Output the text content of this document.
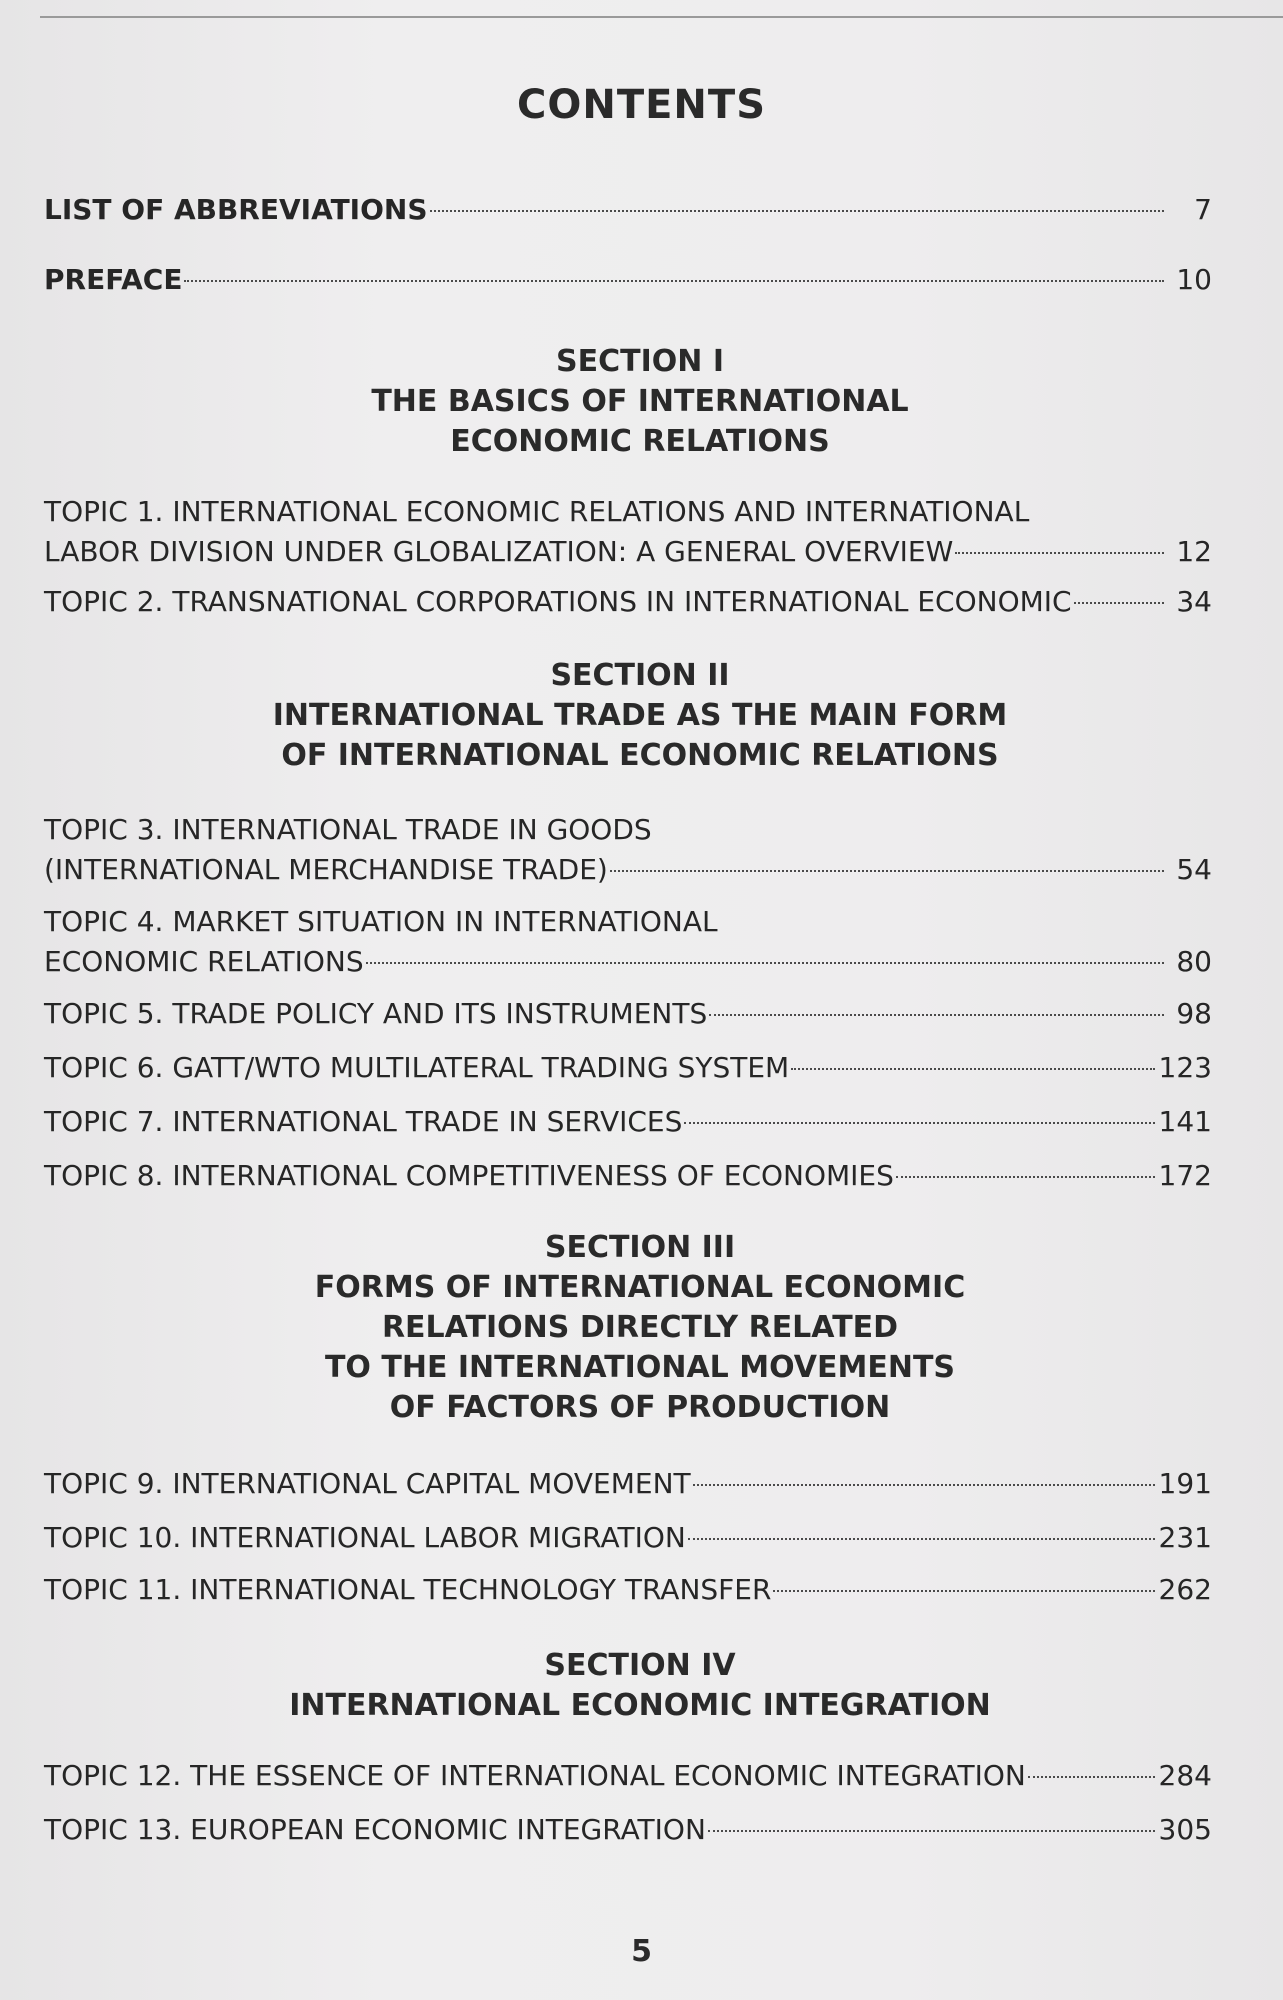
CONTENTS
LIST OF ABBREVIATIONS	7
PREFACE	10
SECTION I
THE BASICS OF INTERNATIONAL
ECONOMIC RELATIONS
TOPIC 1. INTERNATIONAL ECONOMIC RELATIONS AND INTERNATIONAL
LABOR DIVISION UNDER GLOBALIZATION: A GENERAL OVERVIEW	12
TOPIC 2. TRANSNATIONAL CORPORATIONS IN INTERNATIONAL ECONOMIC	34
SECTION II
INTERNATIONAL TRADE AS THE MAIN FORM
OF INTERNATIONAL ECONOMIC RELATIONS
TOPIC 3. INTERNATIONAL TRADE IN GOODS
(INTERNATIONAL MERCHANDISE TRADE)	54
TOPIC 4. MARKET SITUATION IN INTERNATIONAL
ECONOMIC RELATIONS	80
TOPIC 5. TRADE POLICY AND ITS INSTRUMENTS	98
TOPIC 6. GATT/WTO MULTILATERAL TRADING SYSTEM	123
TOPIC 7. INTERNATIONAL TRADE IN SERVICES	141
TOPIC 8. INTERNATIONAL COMPETITIVENESS OF ECONOMIES	172
SECTION III
FORMS OF INTERNATIONAL ECONOMIC
RELATIONS DIRECTLY RELATED
TO THE INTERNATIONAL MOVEMENTS
OF FACTORS OF PRODUCTION
TOPIC 9. INTERNATIONAL CAPITAL MOVEMENT	191
TOPIC 10. INTERNATIONAL LABOR MIGRATION	231
TOPIC 11. INTERNATIONAL TECHNOLOGY TRANSFER	262
SECTION IV
INTERNATIONAL ECONOMIC INTEGRATION
TOPIC 12. THE ESSENCE OF INTERNATIONAL ECONOMIC INTEGRATION	284
TOPIC 13. EUROPEAN ECONOMIC INTEGRATION	305
5
